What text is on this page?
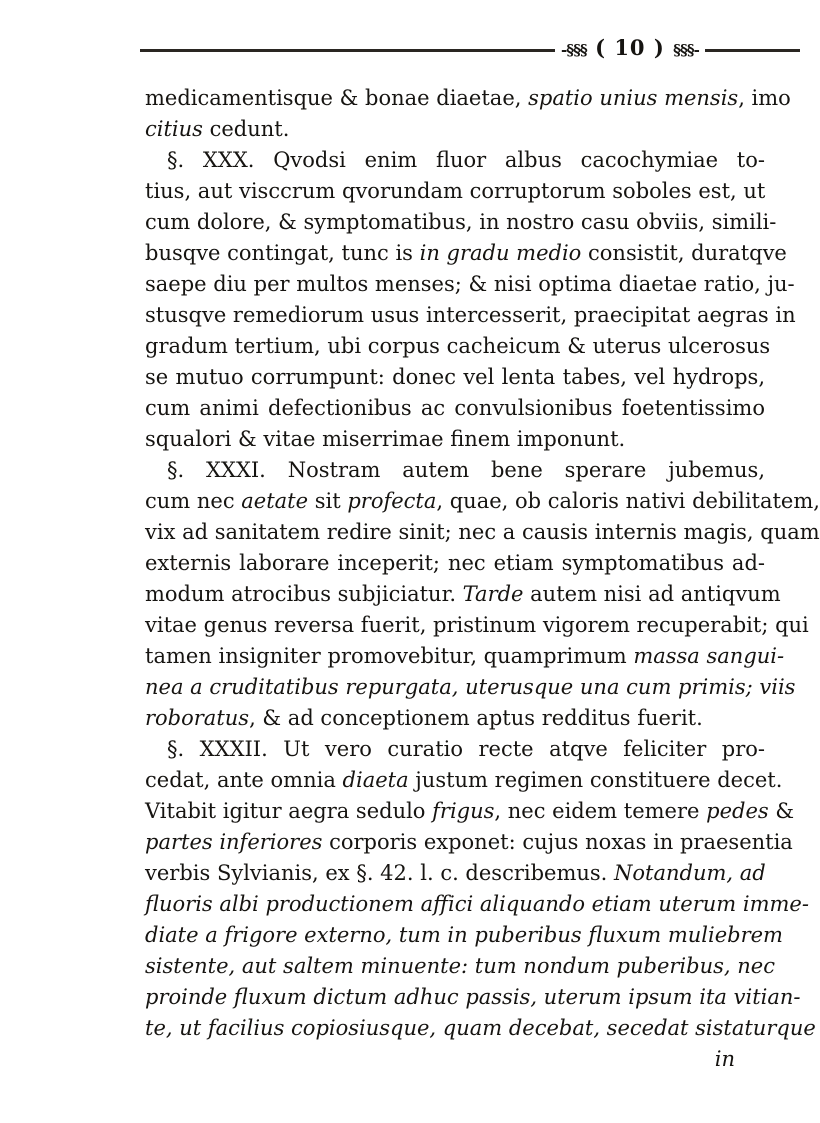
-§§§ ( 10 ) §§§-
medicamentisque & bonae diaetae, spatio unius mensis, imo
citius cedunt.
§. XXX. Qvodsi enim fluor albus cacochymiae to-
tius, aut visccrum qvorundam corruptorum soboles est, ut
cum dolore, & symptomatibus, in nostro casu obviis, simili-
busqve contingat, tunc is in gradu medio consistit, duratqve
saepe diu per multos menses; & nisi optima diaetae ratio, ju-
stusqve remediorum usus intercesserit, praecipitat aegras in
gradum tertium, ubi corpus cacheicum & uterus ulcerosus
se mutuo corrumpunt: donec vel lenta tabes, vel hydrops,
cum animi defectionibus ac convulsionibus foetentissimo
squalori & vitae miserrimae finem imponunt.
§. XXXI. Nostram autem bene sperare jubemus,
cum nec aetate sit profecta, quae, ob caloris nativi debilitatem,
vix ad sanitatem redire sinit; nec a causis internis magis, quam
externis laborare inceperit; nec etiam symptomatibus ad-
modum atrocibus subjiciatur. Tarde autem nisi ad antiqvum
vitae genus reversa fuerit, pristinum vigorem recuperabit; qui
tamen insigniter promovebitur, quamprimum massa sangui-
nea a cruditatibus repurgata, uterusque una cum primis; viis
roboratus, & ad conceptionem aptus redditus fuerit.
§. XXXII. Ut vero curatio recte atqve feliciter pro-
cedat, ante omnia diaeta justum regimen constituere decet.
Vitabit igitur aegra sedulo frigus, nec eidem temere pedes &
partes inferiores corporis exponet: cujus noxas in praesentia
verbis Sylvianis, ex §. 42. l. c. describemus. Notandum, ad
fluoris albi productionem affici aliquando etiam uterum imme-
diate a frigore externo, tum in puberibus fluxum muliebrem
sistente, aut saltem minuente: tum nondum puberibus, nec
proinde fluxum dictum adhuc passis, uterum ipsum ita vitian-
te, ut facilius copiosiusque, quam decebat, secedat sistaturque
in
